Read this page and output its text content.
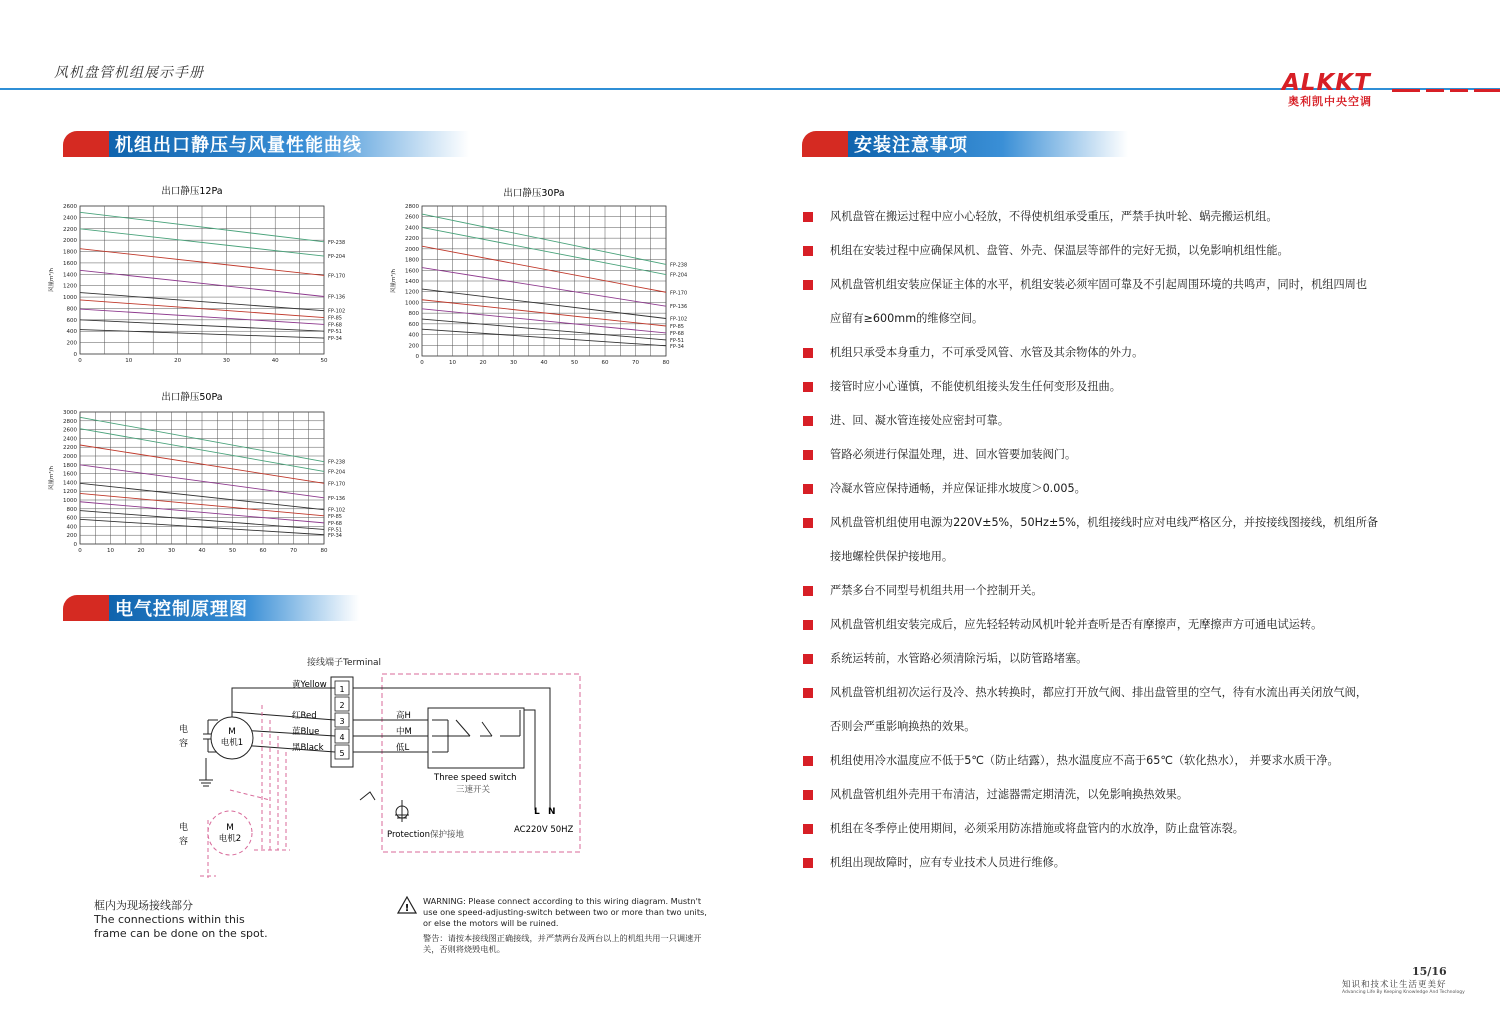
风机盘管机组展示手册	ALKKT
奥利凯中央空调
机组出口静压与风量性能曲线
出口静压12Pa
0
200
400
600
800
1000
1200
1400
1600
1800
2000
2200
2400
2600
0	10	20	30	40	50
风量m³/h
FP-238
FP-204
FP-170
FP-136
FP-102
FP-85
FP-68
FP-51
FP-34
出口静压30Pa
0
200
400
600
800
1000
1200
1400
1600
1800
2000
2200
2400
2600
2800
0	10	20	30	40	50	60	70	80
风量m³/h
FP-238
FP-204
FP-170
FP-136
FP-102
FP-85
FP-68
FP-51
FP-34
出口静压50Pa
0
200
400
600
800
1000
1200
1400
1600
1800
2000
2200
2400
2600
2800
3000
0	10	20	30	40	50	60	70	80
风量m³/h
FP-238
FP-204
FP-170
FP-136
FP-102
FP-85
FP-68
FP-51
FP-34
电气控制原理图
接线端子Terminal
1
2
3
4
5
黄Yellow
红Red
蓝Blue
黑Black
M
电机1
电
容
M
电机2
电
容
高H
中M
低L
Three speed switch
三速开关
L N
AC220V 50HZ
Protection 保护接地
框内为现场接线部分
The connections within this
frame can be done on the spot.
!
WARNING: Please connect according to this wiring diagram. Mustn't use one speed-adjusting-switch between two or more than two units, or else the motors will be ruined.
警告：请按本接线图正确接线，并严禁两台及两台以上的机组共用一只调速开关，否则将烧毁电机。
安装注意事项
风机盘管在搬运过程中应小心轻放，不得使机组承受重压，严禁手执叶轮、蜗壳搬运机组。
机组在安装过程中应确保风机、盘管、外壳、保温层等部件的完好无损，以免影响机组性能。
风机盘管机组安装应保证主体的水平，机组安装必须牢固可靠及不引起周围环境的共鸣声，同时，机组四周也
应留有≥600mm的维修空间。
机组只承受本身重力，不可承受风管、水管及其余物体的外力。
接管时应小心谨慎，不能使机组接头发生任何变形及扭曲。
进、回、凝水管连接处应密封可靠。
管路必须进行保温处理，进、回水管要加装阀门。
冷凝水管应保持通畅，并应保证排水坡度＞0.005。
风机盘管机组使用电源为220V±5%，50Hz±5%，机组接线时应对电线严格区分，并按接线图接线，机组所备
接地螺栓供保护接地用。
严禁多台不同型号机组共用一个控制开关。
风机盘管机组安装完成后，应先轻轻转动风机叶轮并查听是否有摩擦声，无摩擦声方可通电试运转。
系统运转前，水管路必须清除污垢，以防管路堵塞。
风机盘管机组初次运行及冷、热水转换时，都应打开放气阀、排出盘管里的空气，待有水流出再关闭放气阀，
否则会严重影响换热的效果。
机组使用冷水温度应不低于5℃（防止结露），热水温度应不高于65℃（软化热水）， 并要求水质干净。
风机盘管机组外壳用干布清洁，过滤器需定期清洗，以免影响换热效果。
机组在冬季停止使用期间，必须采用防冻措施或将盘管内的水放净，防止盘管冻裂。
机组出现故障时，应有专业技术人员进行维修。
15/16
知识和技术让生活更美好
Advancing Life By Keeping Knowledge And Technology
